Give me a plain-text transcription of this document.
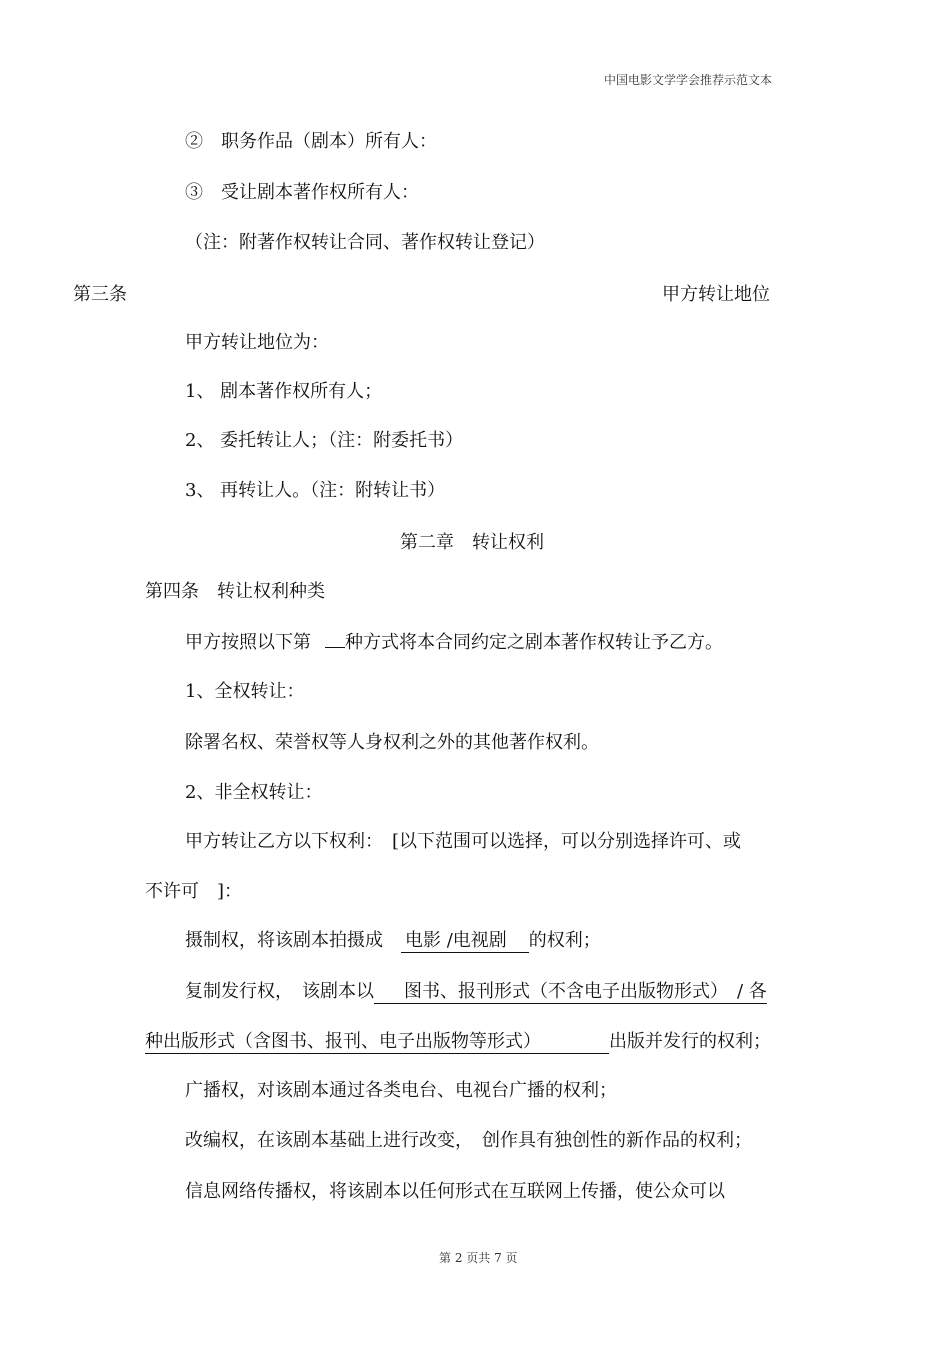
中国电影文学学会推荐示范文本
②　职务作品（剧本）所有人：
③　受让剧本著作权所有人：
（注：附著作权转让合同、著作权转让登记）
第三条	甲方转让地位
甲方转让地位为：
1、 剧本著作权所有人；
2、 委托转让人；（注：附委托书）
3、 再转让人。（注：附转让书）
第二章　转让权利
第四条　转让权利种类
甲方按照以下第 种方式将本合同约定之剧本著作权转让予乙方。
1、全权转让：
除署名权、荣誉权等人身权利之外的其他著作权利。
2、非全权转让：
甲方转让乙方以下权利：　[以下范围可以选择，可以分别选择许可、或
不许可　]：
摄制权，将该剧本拍摄成 电影 /电视剧 的权利；
复制发行权，　该剧本以 图书、报刊形式（不含电子出版物形式）　/ 各
种出版形式（含图书、报刊、电子出版物等形式）	出版并发行的权利；
广播权，对该剧本通过各类电台、电视台广播的权利；
改编权，在该剧本基础上进行改变，　创作具有独创性的新作品的权利；
信息网络传播权，将该剧本以任何形式在互联网上传播，使公众可以
第 2 页共 7 页
